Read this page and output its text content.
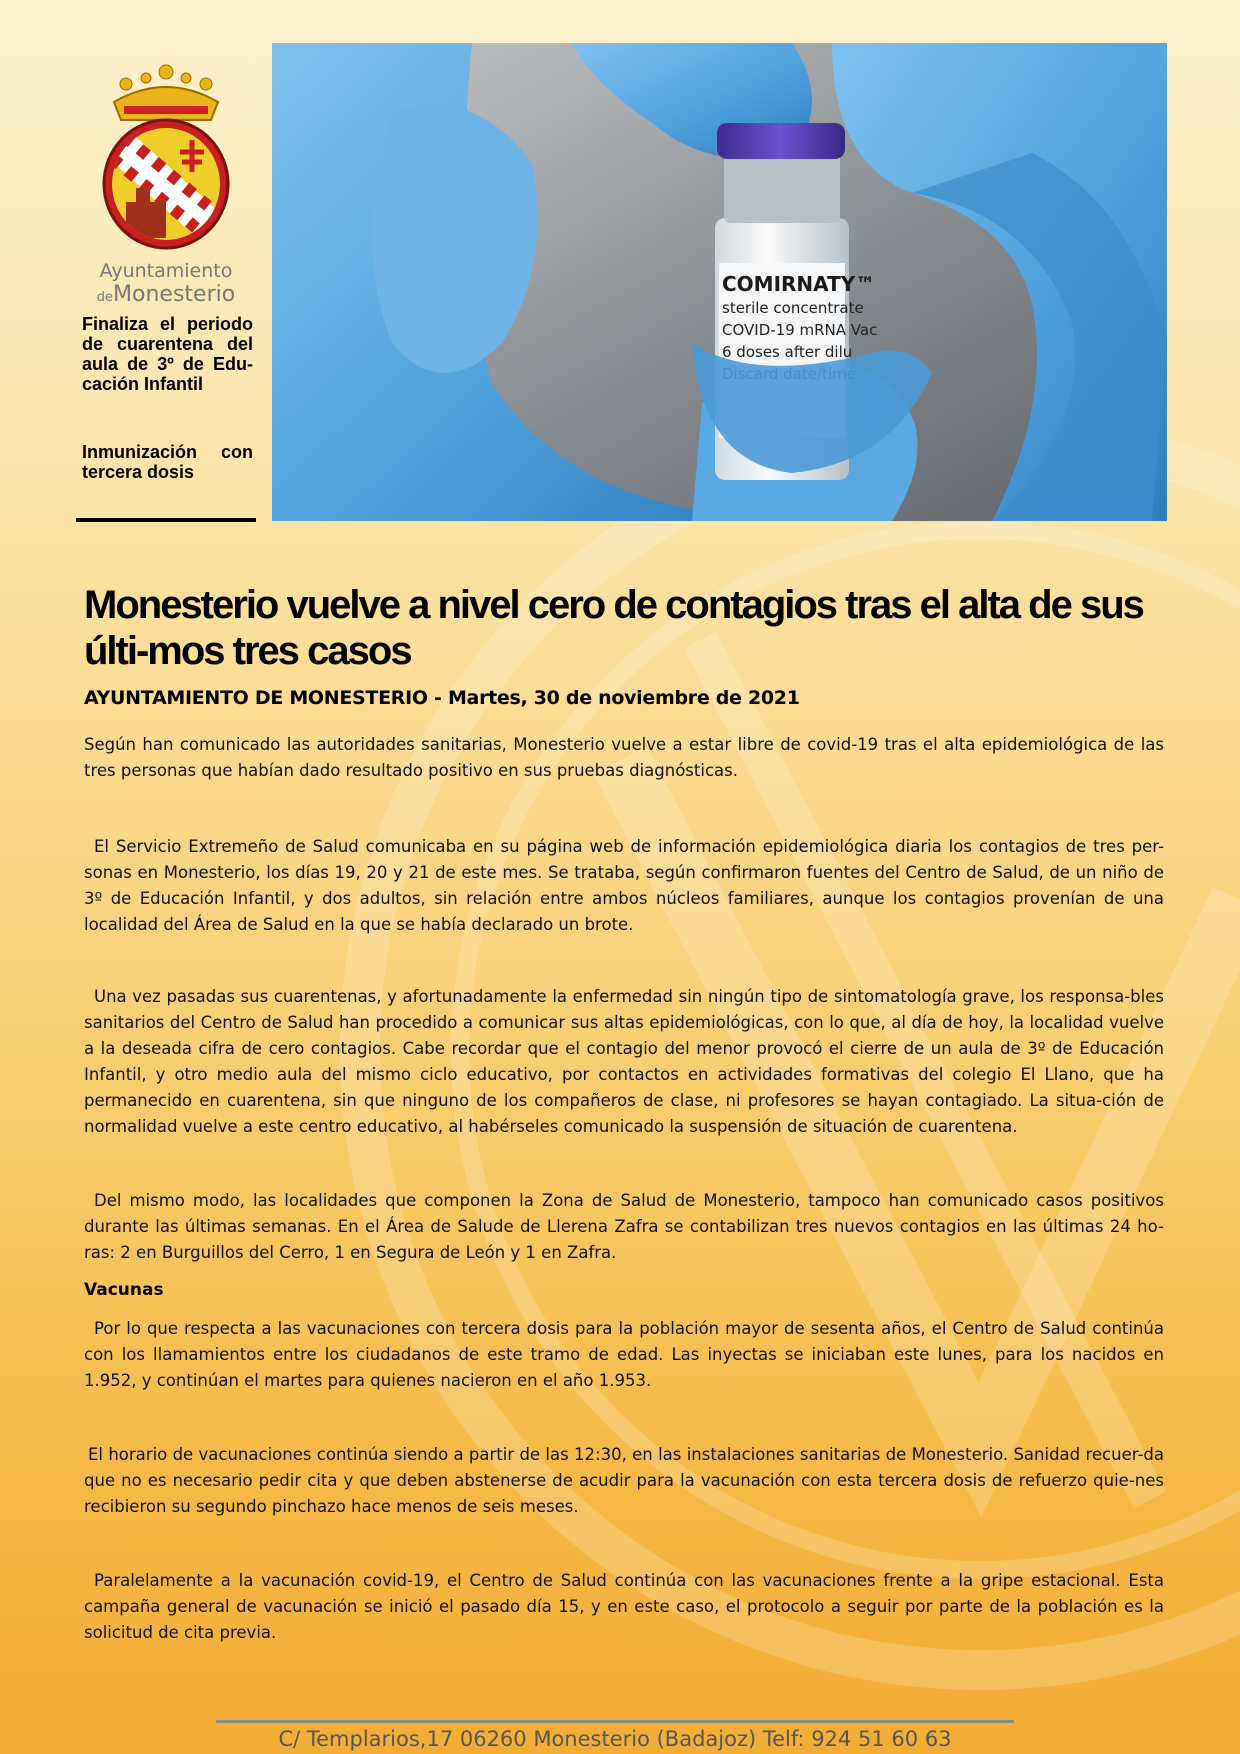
Ayuntamiento
deMonesterio
Finaliza el periodo de cuarentena del aula de 3º de Edu-cación Infantil
Inmunización con tercera dosis
COMIRNATY™
sterile concentrate
COVID-19 mRNA Vac
6 doses after dilu
Monesterio vuelve a nivel cero de contagios tras el alta de sus últi-mos tres casos

AYUNTAMIENTO DE MONESTERIO - Martes, 30 de noviembre de 2021

Según han comunicado las autoridades sanitarias, Monesterio vuelve a estar libre de covid-19 tras el alta epidemiológica de las tres personas que habían dado resultado positivo en sus pruebas diagnósticas.

El Servicio Extremeño de Salud comunicaba en su página web de información epidemiológica diaria los contagios de tres per-sonas en Monesterio, los días 19, 20 y 21 de este mes. Se trataba, según confirmaron fuentes del Centro de Salud, de un niño de 3º de Educación Infantil, y dos adultos, sin relación entre ambos núcleos familiares, aunque los contagios provenían de una localidad del Área de Salud en la que se había declarado un brote.

Una vez pasadas sus cuarentenas, y afortunadamente la enfermedad sin ningún tipo de sintomatología grave, los responsa-bles sanitarios del Centro de Salud han procedido a comunicar sus altas epidemiológicas, con lo que, al día de hoy, la localidad vuelve a la deseada cifra de cero contagios. Cabe recordar que el contagio del menor provocó el cierre de un aula de 3º de Educación Infantil, y otro medio aula del mismo ciclo educativo, por contactos en actividades formativas del colegio El Llano, que ha permanecido en cuarentena, sin que ninguno de los compañeros de clase, ni profesores se hayan contagiado. La situa-ción de normalidad vuelve a este centro educativo, al habérseles comunicado la suspensión de situación de cuarentena.

Del mismo modo, las localidades que componen la Zona de Salud de Monesterio, tampoco han comunicado casos positivos durante las últimas semanas. En el Área de Salude de Llerena Zafra se contabilizan tres nuevos contagios en las últimas 24 ho-ras: 2 en Burguillos del Cerro, 1 en Segura de León y 1 en Zafra.

Vacunas

Por lo que respecta a las vacunaciones con tercera dosis para la población mayor de sesenta años, el Centro de Salud continúa con los llamamientos entre los ciudadanos de este tramo de edad. Las inyectas se iniciaban este lunes, para los nacidos en 1.952, y continúan el martes para quienes nacieron en el año 1.953.

El horario de vacunaciones continúa siendo a partir de las 12:30, en las instalaciones sanitarias de Monesterio. Sanidad recuer-da que no es necesario pedir cita y que deben abstenerse de acudir para la vacunación con esta tercera dosis de refuerzo quie-nes recibieron su segundo pinchazo hace menos de seis meses.

Paralelamente a la vacunación covid-19, el Centro de Salud continúa con las vacunaciones frente a la gripe estacional. Esta campaña general de vacunación se inició el pasado día 15, y en este caso, el protocolo a seguir por parte de la población es la solicitud de cita previa.

C/ Templarios,17 06260 Monesterio (Badajoz) Telf: 924 51 60 63
